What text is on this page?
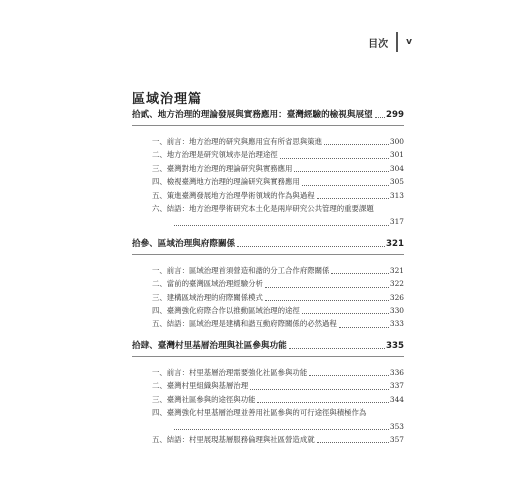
目次 v
區域治理篇
拾貳、地方治理的理論發展與實務應用：臺灣經驗的檢視與展望 299
一、前言：地方治理的研究與應用宜有所省思與策進	300
二、地方治理是研究領域亦是治理途徑	301
三、臺灣對地方治理的理論研究與實務應用	304
四、檢視臺灣地方治理的理論研究與實務應用	305
五、策進臺灣發展地方治理學術領域的作為與過程	313
六、結語：地方治理學術研究本土化是兩岸研究公共管理的重要課題
317
拾參、區域治理與府際關係	321
一、前言：區域治理首須營造和諧的分工合作府際關係	321
二、當前的臺灣區域治理經驗分析	322
三、建構區域治理的府際關係模式	326
四、臺灣強化府際合作以推動區域治理的途徑	330
五、結語：區域治理是建構和諧互動府際關係的必然過程	333
拾肆、臺灣村里基層治理與社區參與功能	335
一、前言：村里基層治理需要強化社區參與功能	336
二、臺灣村里組織與基層治理	337
三、臺灣社區參與的途徑與功能	344
四、臺灣強化村里基層治理並善用社區參與的可行途徑與積極作為
353
五、結語：村里展現基層服務倫理與社區營造成就	357
